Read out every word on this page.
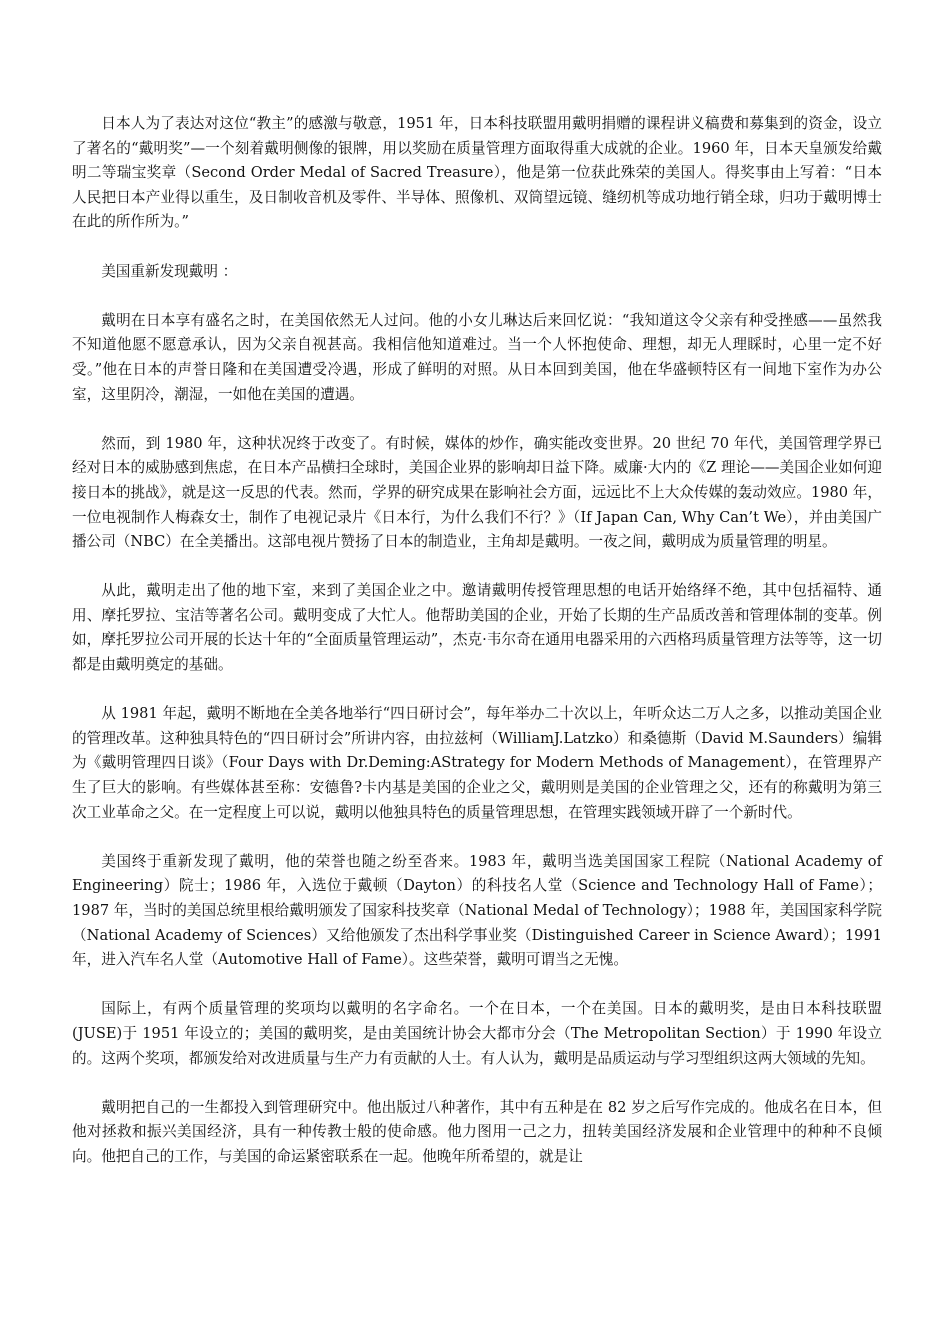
日本人为了表达对这位“教主”的感激与敬意，1951 年，日本科技联盟用戴明捐赠的课程讲义稿费和募集到的资金，设立了著名的“戴明奖”—一个刻着戴明侧像的银牌，用以奖励在质量管理方面取得重大成就的企业。1960 年，日本天皇颁发给戴明二等瑞宝奖章（Second Order Medal of Sacred Treasure），他是第一位获此殊荣的美国人。得奖事由上写着：“日本人民把日本产业得以重生，及日制收音机及零件、半导体、照像机、双筒望远镜、缝纫机等成功地行销全球，归功于戴明博士在此的所作所为。”

美国重新发现戴明 ：

戴明在日本享有盛名之时，在美国依然无人过问。他的小女儿琳达后来回忆说：“我知道这令父亲有种受挫感——虽然我不知道他愿不愿意承认，因为父亲自视甚高。我相信他知道难过。当一个人怀抱使命、理想，却无人理睬时，心里一定不好受。”他在日本的声誉日隆和在美国遭受冷遇，形成了鲜明的对照。从日本回到美国，他在华盛顿特区有一间地下室作为办公室，这里阴冷，潮湿，一如他在美国的遭遇。

然而，到 1980 年，这种状况终于改变了。有时候，媒体的炒作，确实能改变世界。20 世纪 70 年代，美国管理学界已经对日本的威胁感到焦虑，在日本产品横扫全球时，美国企业界的影响却日益下降。威廉·大内的《Z 理论——美国企业如何迎接日本的挑战》，就是这一反思的代表。然而，学界的研究成果在影响社会方面，远远比不上大众传媒的轰动效应。1980 年，一位电视制作人梅森女士，制作了电视记录片《日本行，为什么我们不行？》（If Japan Can, Why Can’t We），并由美国广播公司（NBC）在全美播出。这部电视片赞扬了日本的制造业，主角却是戴明。一夜之间，戴明成为质量管理的明星。

从此，戴明走出了他的地下室，来到了美国企业之中。邀请戴明传授管理思想的电话开始络绎不绝，其中包括福特、通用、摩托罗拉、宝洁等著名公司。戴明变成了大忙人。他帮助美国的企业，开始了长期的生产品质改善和管理体制的变革。例如，摩托罗拉公司开展的长达十年的“全面质量管理运动”，杰克·韦尔奇在通用电器采用的六西格玛质量管理方法等等，这一切都是由戴明奠定的基础。

从 1981 年起，戴明不断地在全美各地举行“四日研讨会”，每年举办二十次以上，年听众达二万人之多，以推动美国企业的管理改革。这种独具特色的“四日研讨会”所讲内容，由拉兹柯（WilliamJ.Latzko）和桑德斯（David M.Saunders）编辑为《戴明管理四日谈》（Four Days with Dr.Deming:AStrategy for Modern Methods of Management），在管理界产生了巨大的影响。有些媒体甚至称：安德鲁?卡内基是美国的企业之父，戴明则是美国的企业管理之父，还有的称戴明为第三次工业革命之父。在一定程度上可以说，戴明以他独具特色的质量管理思想，在管理实践领域开辟了一个新时代。

美国终于重新发现了戴明，他的荣誉也随之纷至沓来。1983 年，戴明当选美国国家工程院（National Academy of Engineering）院士；1986 年，入选位于戴顿（Dayton）的科技名人堂（Science and Technology Hall of Fame）；1987 年，当时的美国总统里根给戴明颁发了国家科技奖章（National Medal of Technology）；1988 年，美国国家科学院（National Academy of Sciences）又给他颁发了杰出科学事业奖（Distinguished Career in Science Award）；1991 年，进入汽车名人堂（Automotive Hall of Fame）。这些荣誉，戴明可谓当之无愧。

国际上，有两个质量管理的奖项均以戴明的名字命名。一个在日本，一个在美国。日本的戴明奖，是由日本科技联盟(JUSE)于 1951 年设立的；美国的戴明奖，是由美国统计协会大都市分会（The Metropolitan Section）于 1990 年设立的。这两个奖项，都颁发给对改进质量与生产力有贡献的人士。有人认为，戴明是品质运动与学习型组织这两大领域的先知。

戴明把自己的一生都投入到管理研究中。他出版过八种著作，其中有五种是在 82 岁之后写作完成的。他成名在日本，但他对拯救和振兴美国经济，具有一种传教士般的使命感。他力图用一己之力，扭转美国经济发展和企业管理中的种种不良倾向。他把自己的工作，与美国的命运紧密联系在一起。他晚年所希望的，就是让
